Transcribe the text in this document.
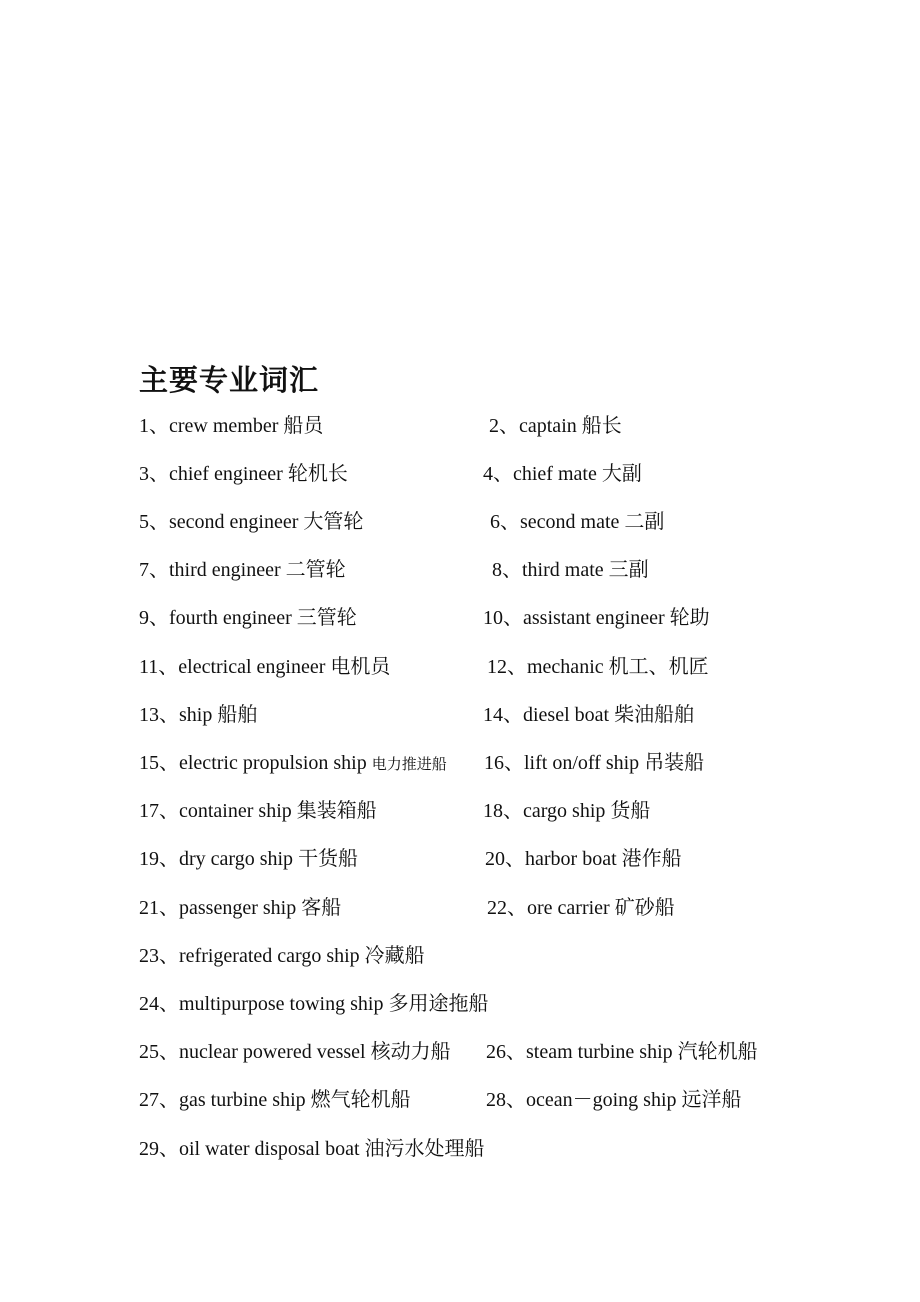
主要专业词汇
1、crew member 船员	2、captain 船长
3、chief engineer 轮机长	4、chief mate 大副
5、second engineer 大管轮	6、second mate 二副
7、third engineer 二管轮	8、third mate 三副
9、fourth engineer 三管轮	10、assistant engineer 轮助
11、electrical engineer 电机员	12、mechanic 机工、机匠
13、ship 船舶	14、diesel boat 柴油船舶
15、electric propulsion ship 电力推进船 16、lift on/off ship 吊装船
17、container ship 集装箱船	18、cargo ship 货船
19、dry cargo ship 干货船	20、harbor boat 港作船
21、passenger ship 客船	22、ore carrier 矿砂船
23、refrigerated cargo ship 冷藏船
24、multipurpose towing ship 多用途拖船
25、nuclear powered vessel 核动力船 26、steam turbine ship 汽轮机船
27、gas turbine ship 燃气轮机船	28、ocean－going ship 远洋船
29、oil water disposal boat 油污水处理船
